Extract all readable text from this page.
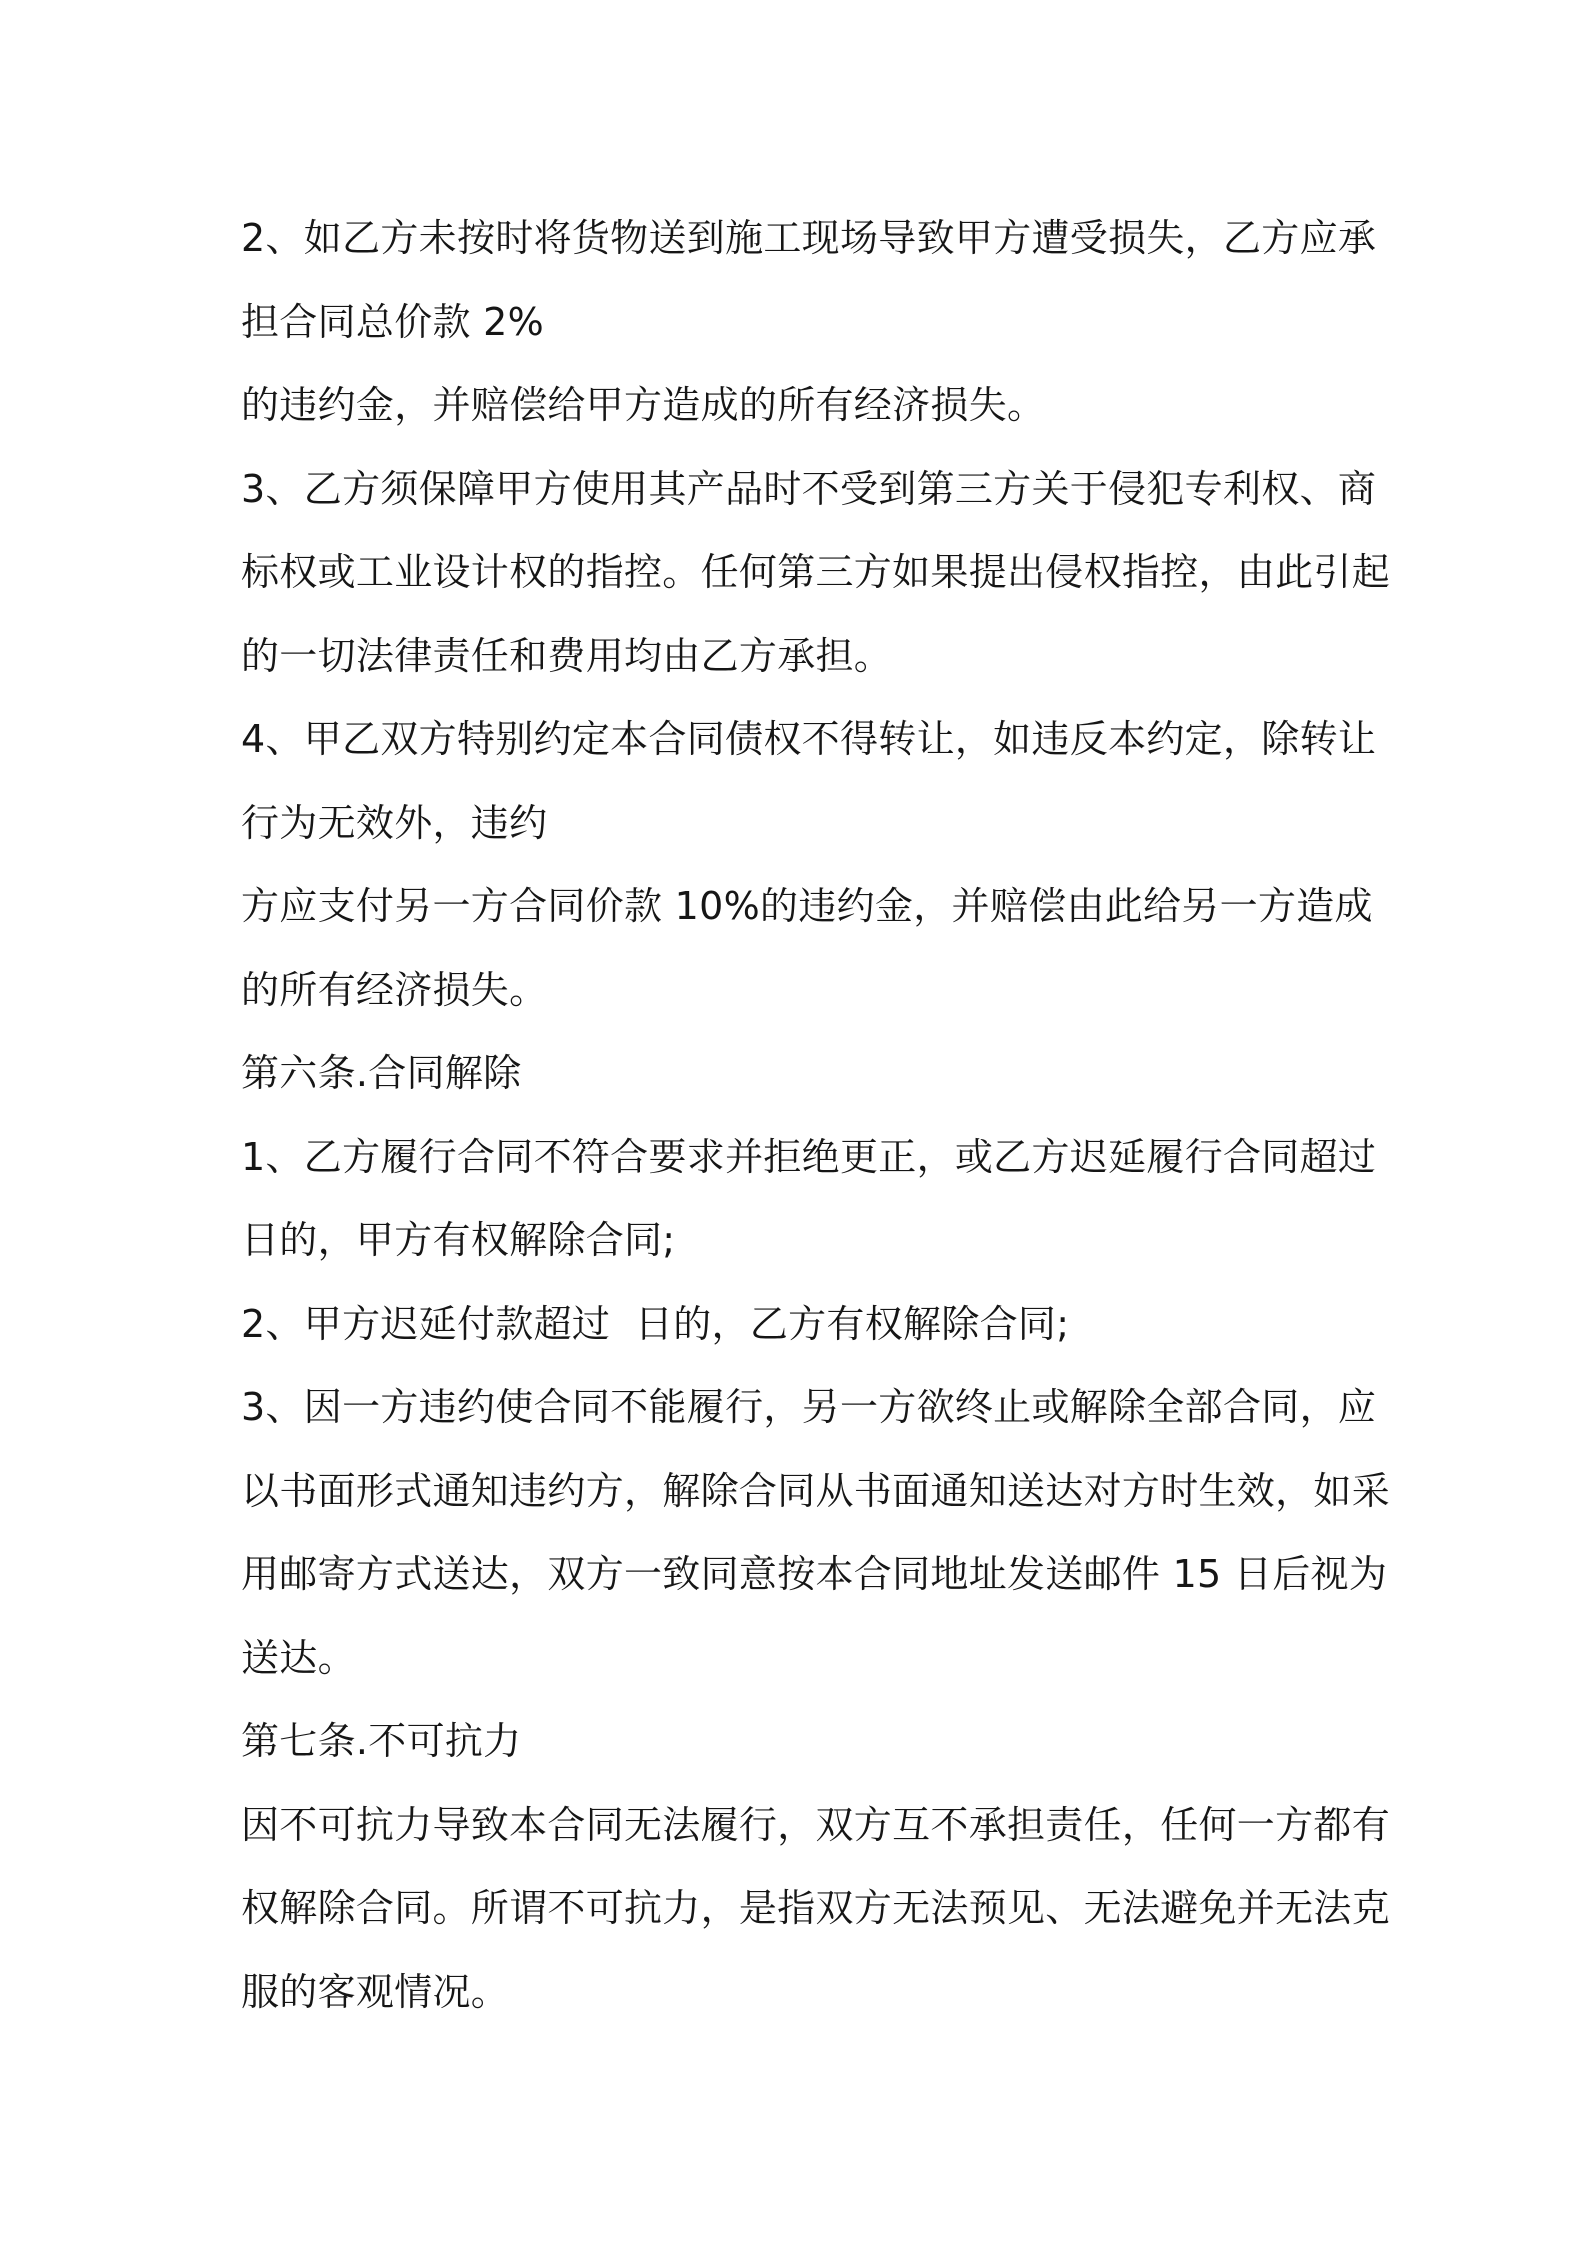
2、如乙方未按时将货物送到施工现场导致甲方遭受损失，乙方应承
担合同总价款 2%
的违约金，并赔偿给甲方造成的所有经济损失。
3、乙方须保障甲方使用其产品时不受到第三方关于侵犯专利权、商
标权或工业设计权的指控。任何第三方如果提出侵权指控，由此引起
的一切法律责任和费用均由乙方承担。
4、甲乙双方特别约定本合同债权不得转让，如违反本约定，除转让
行为无效外，违约
方应支付另一方合同价款 10%的违约金，并赔偿由此给另一方造成
的所有经济损失。
第六条.合同解除
1、乙方履行合同不符合要求并拒绝更正，或乙方迟延履行合同超过
日的，甲方有权解除合同;
2、甲方迟延付款超过  日的，乙方有权解除合同;
3、因一方违约使合同不能履行，另一方欲终止或解除全部合同，应
以书面形式通知违约方，解除合同从书面通知送达对方时生效，如采
用邮寄方式送达，双方一致同意按本合同地址发送邮件 15 日后视为
送达。
第七条.不可抗力
因不可抗力导致本合同无法履行，双方互不承担责任，任何一方都有
权解除合同。所谓不可抗力，是指双方无法预见、无法避免并无法克
服的客观情况。
